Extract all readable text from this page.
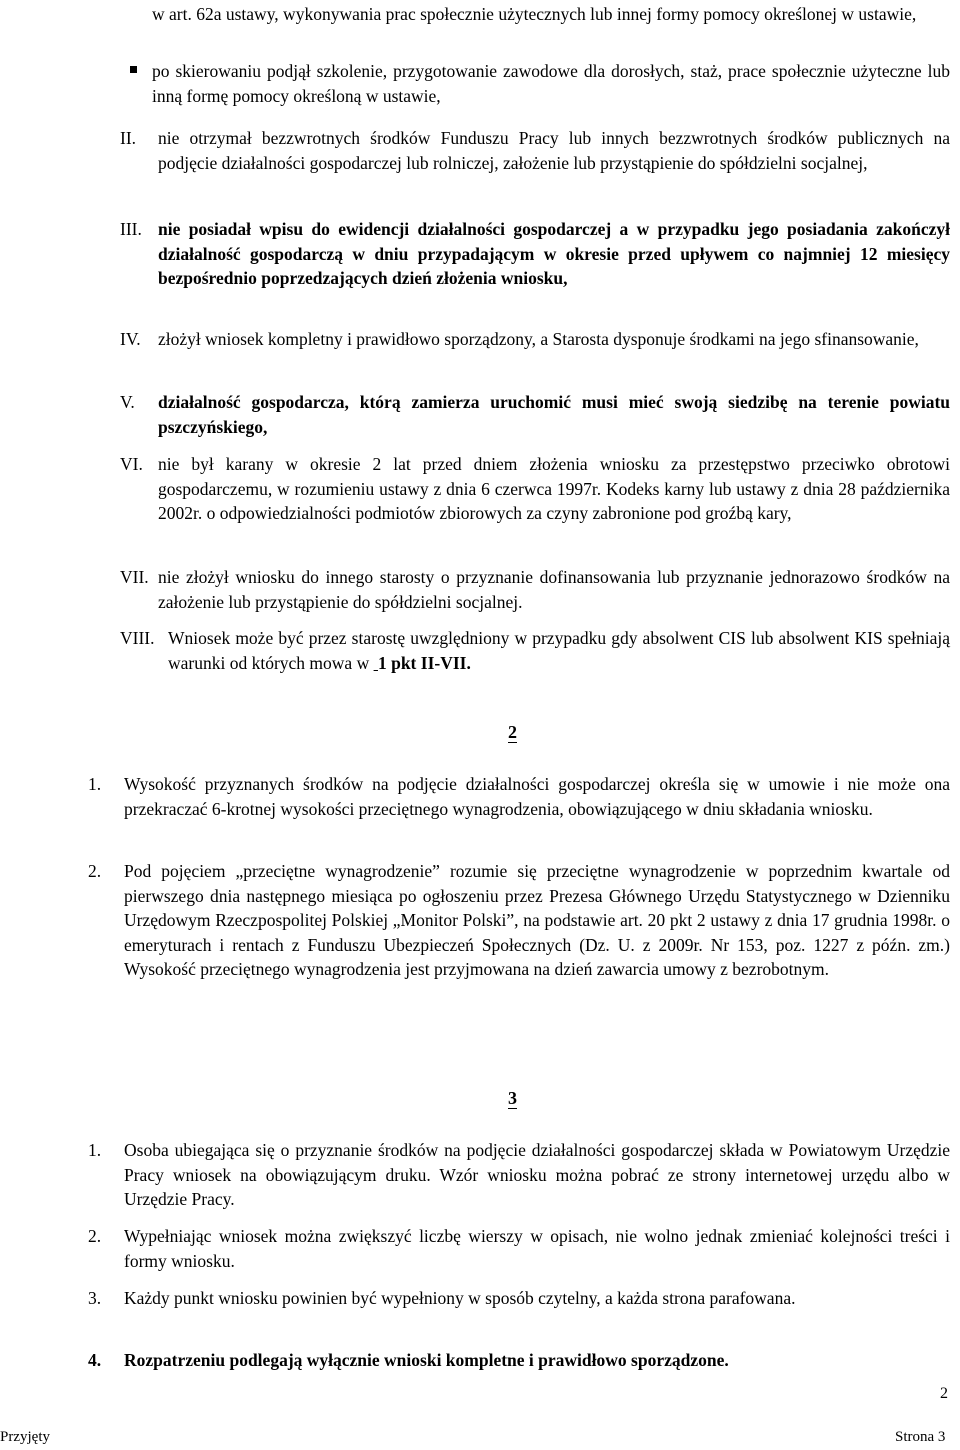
w art. 62a ustawy, wykonywania prac społecznie użytecznych lub innej formy pomocy określonej w ustawie,
po skierowaniu podjął szkolenie, przygotowanie zawodowe dla dorosłych, staż, prace społecznie użyteczne lub inną formę pomocy określoną w ustawie,
II. nie otrzymał bezzwrotnych środków Funduszu Pracy lub innych bezzwrotnych środków publicznych na podjęcie działalności gospodarczej lub rolniczej, założenie lub przystąpienie do spółdzielni socjalnej,
III. nie posiadał wpisu do ewidencji działalności gospodarczej a w przypadku jego posiadania zakończył działalność gospodarczą w dniu przypadającym w okresie przed upływem co najmniej 12 miesięcy bezpośrednio poprzedzających dzień złożenia wniosku,
IV. złożył wniosek kompletny i prawidłowo sporządzony, a Starosta dysponuje środkami na jego sfinansowanie,
V. działalność gospodarcza, którą zamierza uruchomić musi mieć swoją siedzibę na terenie powiatu pszczyńskiego,
VI. nie był karany w okresie 2 lat przed dniem złożenia wniosku za przestępstwo przeciwko obrotowi gospodarczemu, w rozumieniu ustawy z dnia 6 czerwca 1997r. Kodeks karny lub ustawy z dnia 28 października 2002r. o odpowiedzialności podmiotów zbiorowych za czyny zabronione pod groźbą kary,
VII. nie złożył wniosku do innego starosty o przyznanie dofinansowania lub przyznanie jednorazowo środków na założenie lub przystąpienie do spółdzielni socjalnej.
VIII. Wniosek może być przez starostę uwzględniony w przypadku gdy absolwent CIS lub absolwent KIS spełniają warunki od których mowa w  1 pkt II-VII.
2
1. Wysokość przyznanych środków na podjęcie działalności gospodarczej określa się w umowie i nie może ona przekraczać 6-krotnej wysokości przeciętnego wynagrodzenia, obowiązującego w dniu składania wniosku.
2. Pod pojęciem „przeciętne wynagrodzenie” rozumie się przeciętne wynagrodzenie w poprzednim kwartale od pierwszego dnia następnego miesiąca po ogłoszeniu przez Prezesa Głównego Urzędu Statystycznego w Dzienniku Urzędowym Rzeczpospolitej Polskiej „Monitor Polski”, na podstawie art. 20 pkt 2 ustawy z dnia 17 grudnia 1998r. o emeryturach i rentach z Funduszu Ubezpieczeń Społecznych (Dz. U. z 2009r. Nr 153, poz. 1227 z późn. zm.) Wysokość przeciętnego wynagrodzenia jest przyjmowana na dzień zawarcia umowy z bezrobotnym.
3
1. Osoba ubiegająca się o przyznanie środków na podjęcie działalności gospodarczej składa w Powiatowym Urzędzie Pracy wniosek na obowiązującym druku. Wzór wniosku można pobrać ze strony internetowej urzędu albo w Urzędzie Pracy.
2. Wypełniając wniosek można zwiększyć liczbę wierszy w opisach, nie wolno jednak zmieniać kolejności treści i formy wniosku.
3. Każdy punkt wniosku powinien być wypełniony w sposób czytelny, a każda strona parafowana.
4. Rozpatrzeniu podlegają wyłącznie wnioski kompletne i prawidłowo sporządzone.
2
Przyjęty	Strona 3
